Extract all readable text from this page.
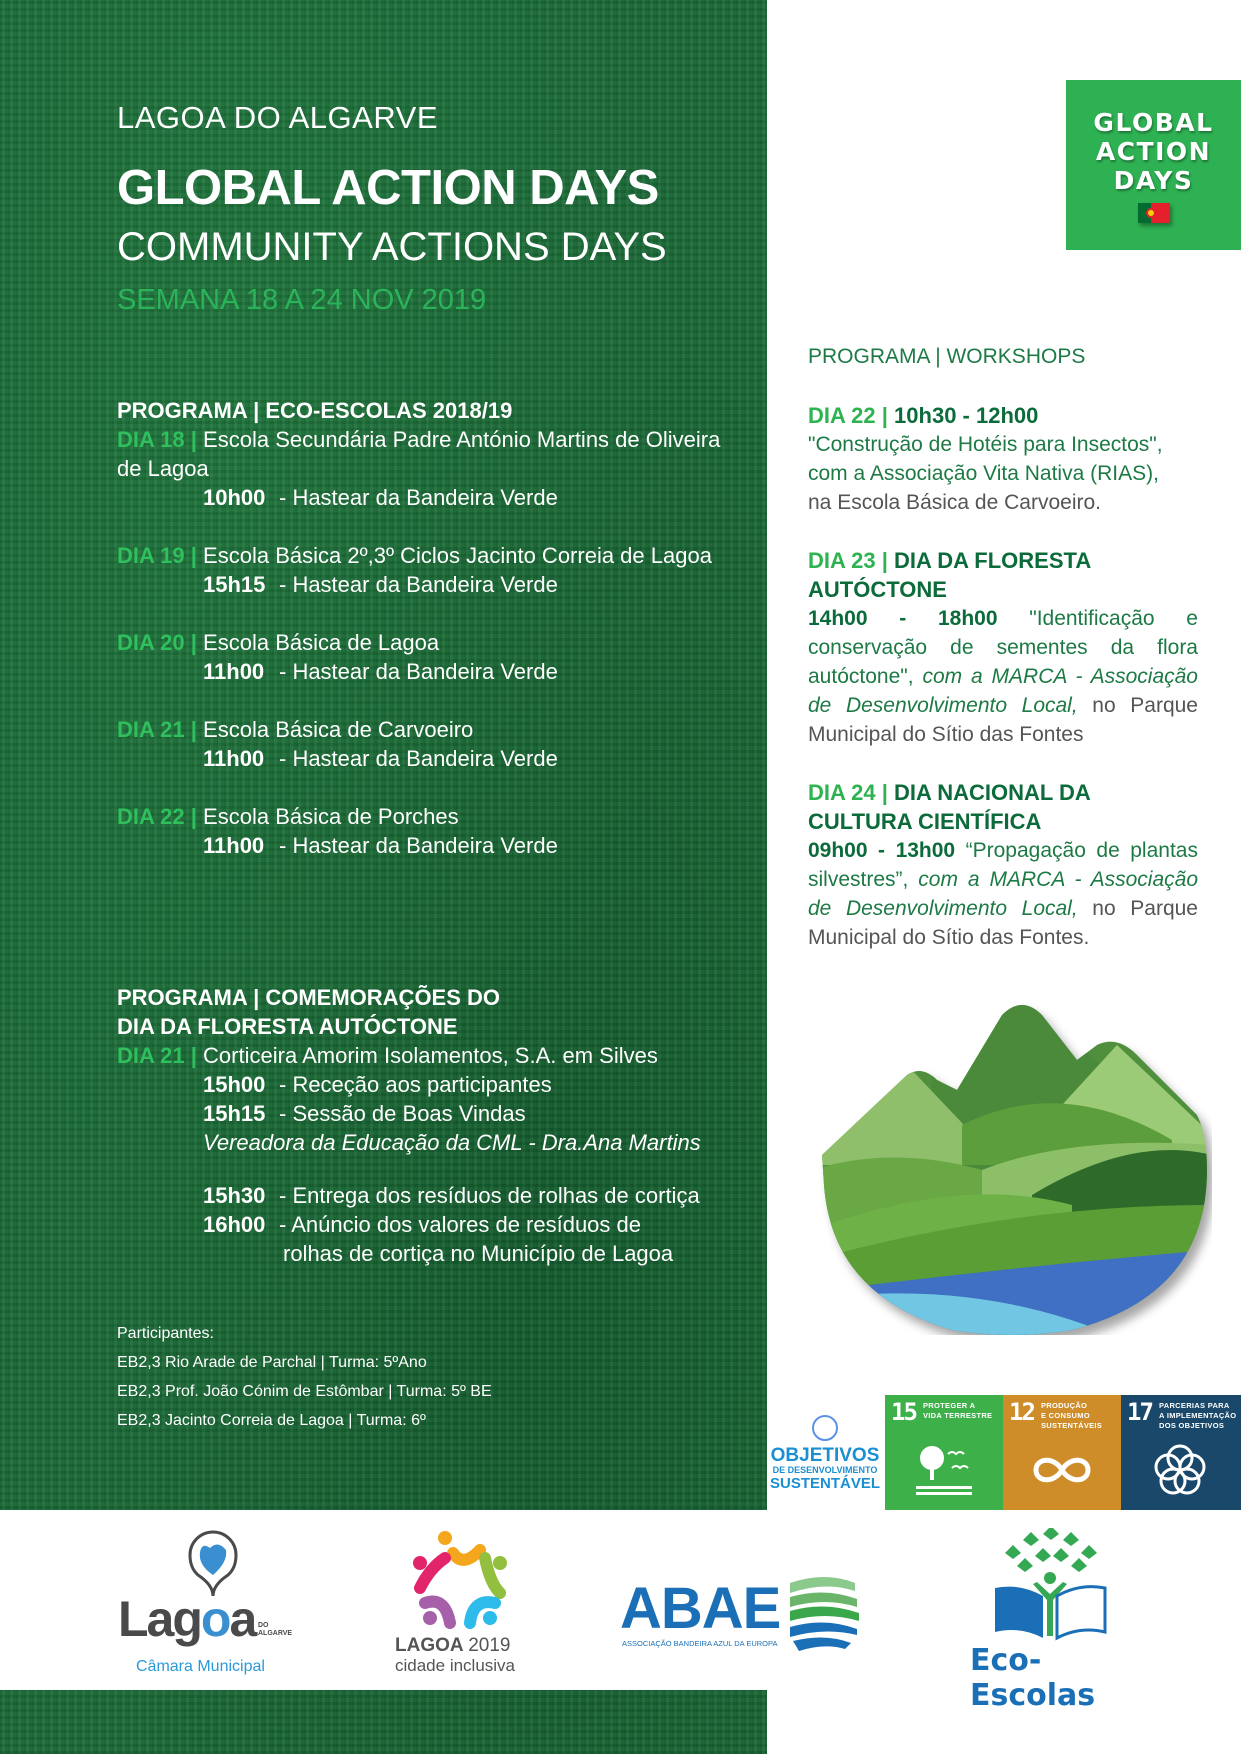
LAGOA DO ALGARVE
GLOBAL ACTION DAYS
COMMUNITY ACTIONS DAYS
SEMANA 18 A 24 NOV 2019
GLOBAL
ACTION
DAYS
PROGRAMA | ECO-ESCOLAS 2018/19
DIA 18 | Escola Secundária Padre António Martins de Oliveira
de Lagoa
10h00 - Hastear da Bandeira Verde
DIA 19 | Escola Básica 2º,3º Ciclos Jacinto Correia de Lagoa
15h15 - Hastear da Bandeira Verde
DIA 20 | Escola Básica de Lagoa
11h00 - Hastear da Bandeira Verde
DIA 21 | Escola Básica de Carvoeiro
11h00 - Hastear da Bandeira Verde
DIA 22 | Escola Básica de Porches
11h00 - Hastear da Bandeira Verde
PROGRAMA | COMEMORAÇÕES DO
DIA DA FLORESTA AUTÓCTONE
DIA 21 | Corticeira Amorim Isolamentos, S.A. em Silves
15h00 - Receção aos participantes
15h15 - Sessão de Boas Vindas
Vereadora da Educação da CML - Dra.Ana Martins
15h30 - Entrega dos resíduos de rolhas de cortiça
16h00 - Anúncio dos valores de resíduos de
rolhas de cortiça no Município de Lagoa
Participantes:
EB2,3 Rio Arade de Parchal | Turma: 5ºAno
EB2,3 Prof. João Cónim de Estômbar | Turma: 5º BE
EB2,3 Jacinto Correia de Lagoa | Turma: 6º
PROGRAMA | WORKSHOPS
DIA 22 | 10h30 - 12h00
"Construção de Hotéis para Insectos",
com a Associação Vita Nativa (RIAS),
na Escola Básica de Carvoeiro.
DIA 23 | DIA DA FLORESTA
AUTÓCTONE
14h00 - 18h00 "Identificação e conservação de sementes da flora autóctone", com a MARCA - Associação de Desenvolvimento Local, no Parque Municipal do Sítio das Fontes
DIA 24 | DIA NACIONAL DA
CULTURA CIENTÍFICA
09h00 - 13h00 “Propagação de plantas silvestres”, com a MARCA - Associação de Desenvolvimento Local, no Parque Municipal do Sítio das Fontes.
OBJETIVOS
DE DESENVOLVIMENTO
SUSTENTÁVEL
15 PROTEGER A
VIDA TERRESTRE 12 PRODUÇÃO
E CONSUMO
SUSTENTÁVEIS 17 PARCERIAS PARA
A IMPLEMENTAÇÃO
DOS OBJETIVOS
Lagoa DO
ALGARVE
Câmara Municipal
LAGOA 2019
cidade inclusiva
ABAE
ASSOCIAÇÃO BANDEIRA AZUL DA EUROPA	Eco-Escolas
